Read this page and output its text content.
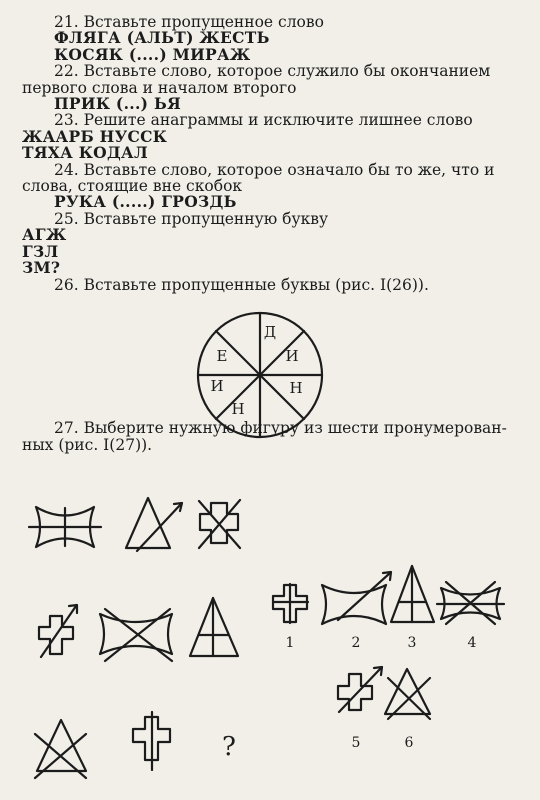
21. Вставьте пропущенное слово
ФЛЯГА (АЛЬТ) ЖЕСТЬ
КОСЯК (....) МИРАЖ
22. Вставьте слово, которое служило бы окончанием
первого слова и началом второго
ПРИК (...) ЬЯ
23. Решите анаграммы и исключите лишнее слово
ЖААРБ НУССК
ТЯХА КОДАЛ
24. Вставьте слово, которое означало бы то же, что и
слова, стоящие вне скобок
РУКА (.....) ГРОЗДЬ
25. Вставьте пропущенную букву
АГЖ
ГЗЛ
ЗМ?
26. Вставьте пропущенные буквы (рис. I(26)).
Д
И
Н
Н
И
Е
27. Выберите нужную фигуру из шести пронумерован-
ных (рис. I(27)).
?
1	2	3	4
5	6
